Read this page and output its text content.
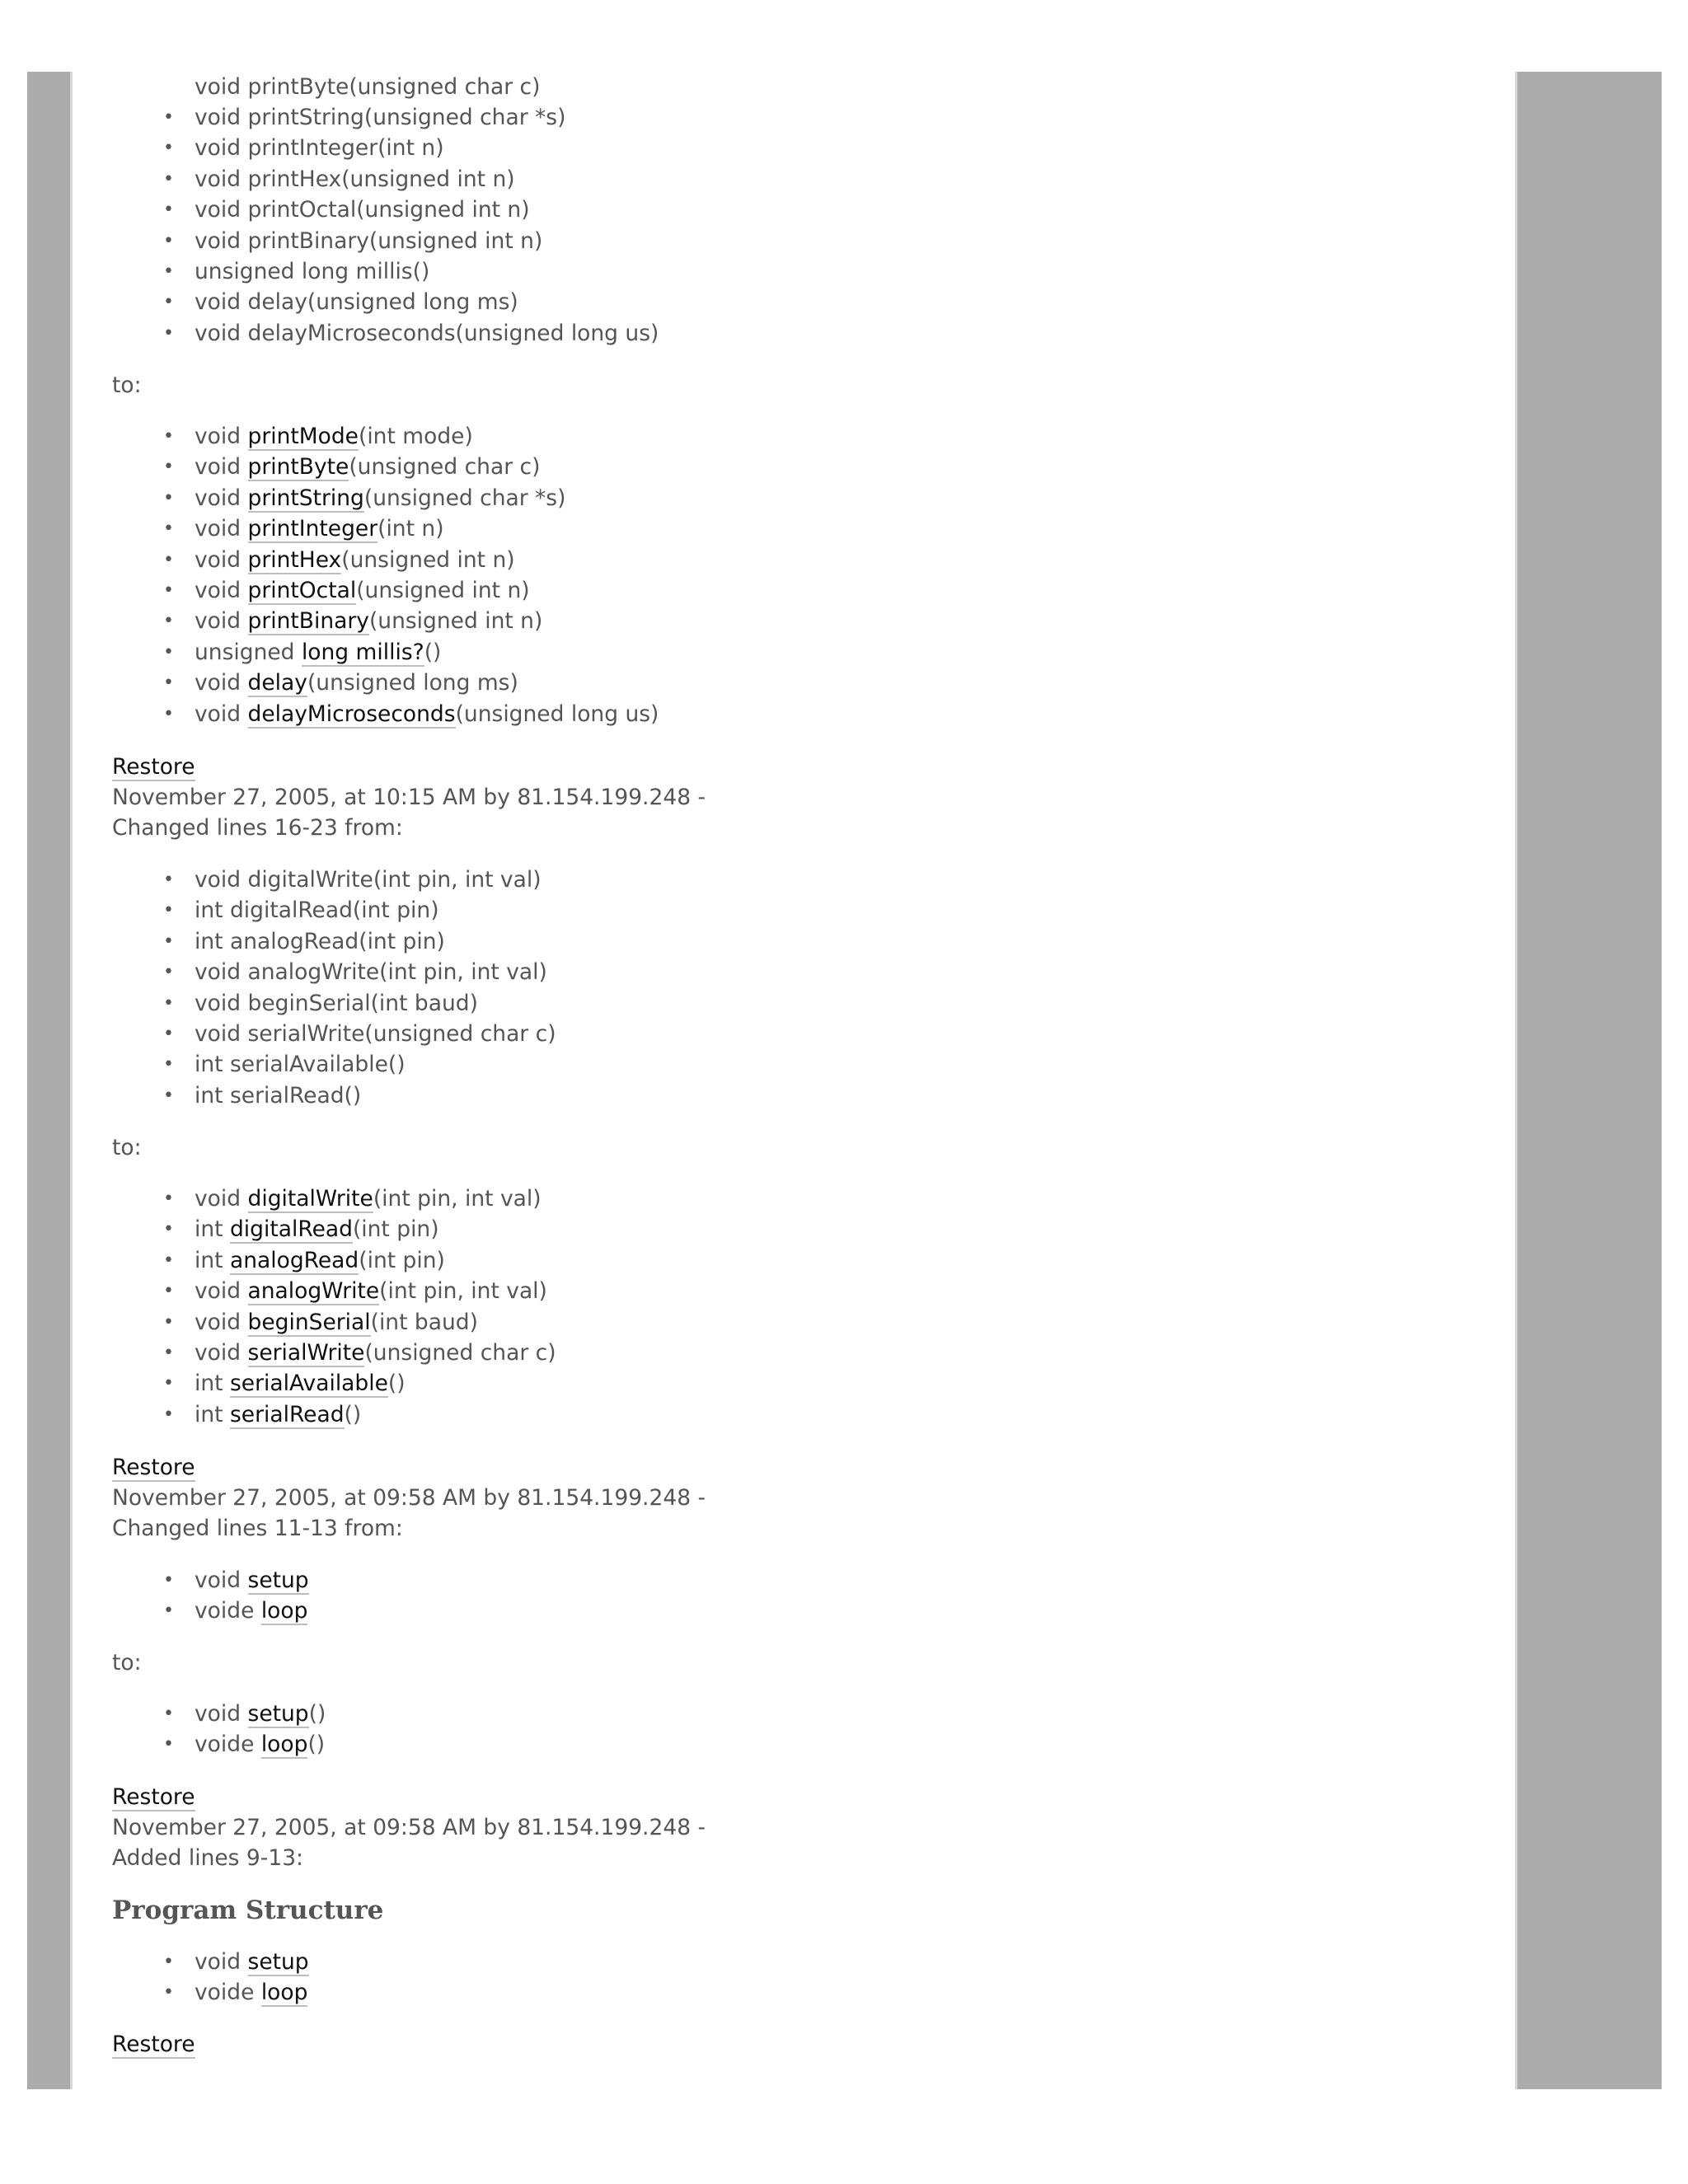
void printByte(unsigned char c)
• void printString(unsigned char *s)
• void printInteger(int n)
• void printHex(unsigned int n)
• void printOctal(unsigned int n)
• void printBinary(unsigned int n)
• unsigned long millis()
• void delay(unsigned long ms)
• void delayMicroseconds(unsigned long us)
to:
• void printMode(int mode)
• void printByte(unsigned char c)
• void printString(unsigned char *s)
• void printInteger(int n)
• void printHex(unsigned int n)
• void printOctal(unsigned int n)
• void printBinary(unsigned int n)
• unsigned long millis?()
• void delay(unsigned long ms)
• void delayMicroseconds(unsigned long us)
Restore
November 27, 2005, at 10:15 AM by 81.154.199.248 -
Changed lines 16-23 from:
• void digitalWrite(int pin, int val)
• int digitalRead(int pin)
• int analogRead(int pin)
• void analogWrite(int pin, int val)
• void beginSerial(int baud)
• void serialWrite(unsigned char c)
• int serialAvailable()
• int serialRead()
to:
• void digitalWrite(int pin, int val)
• int digitalRead(int pin)
• int analogRead(int pin)
• void analogWrite(int pin, int val)
• void beginSerial(int baud)
• void serialWrite(unsigned char c)
• int serialAvailable()
• int serialRead()
Restore
November 27, 2005, at 09:58 AM by 81.154.199.248 -
Changed lines 11-13 from:
• void setup
• voide loop
to:
• void setup()
• voide loop()
Restore
November 27, 2005, at 09:58 AM by 81.154.199.248 -
Added lines 9-13:
Program Structure
• void setup
• voide loop
Restore
